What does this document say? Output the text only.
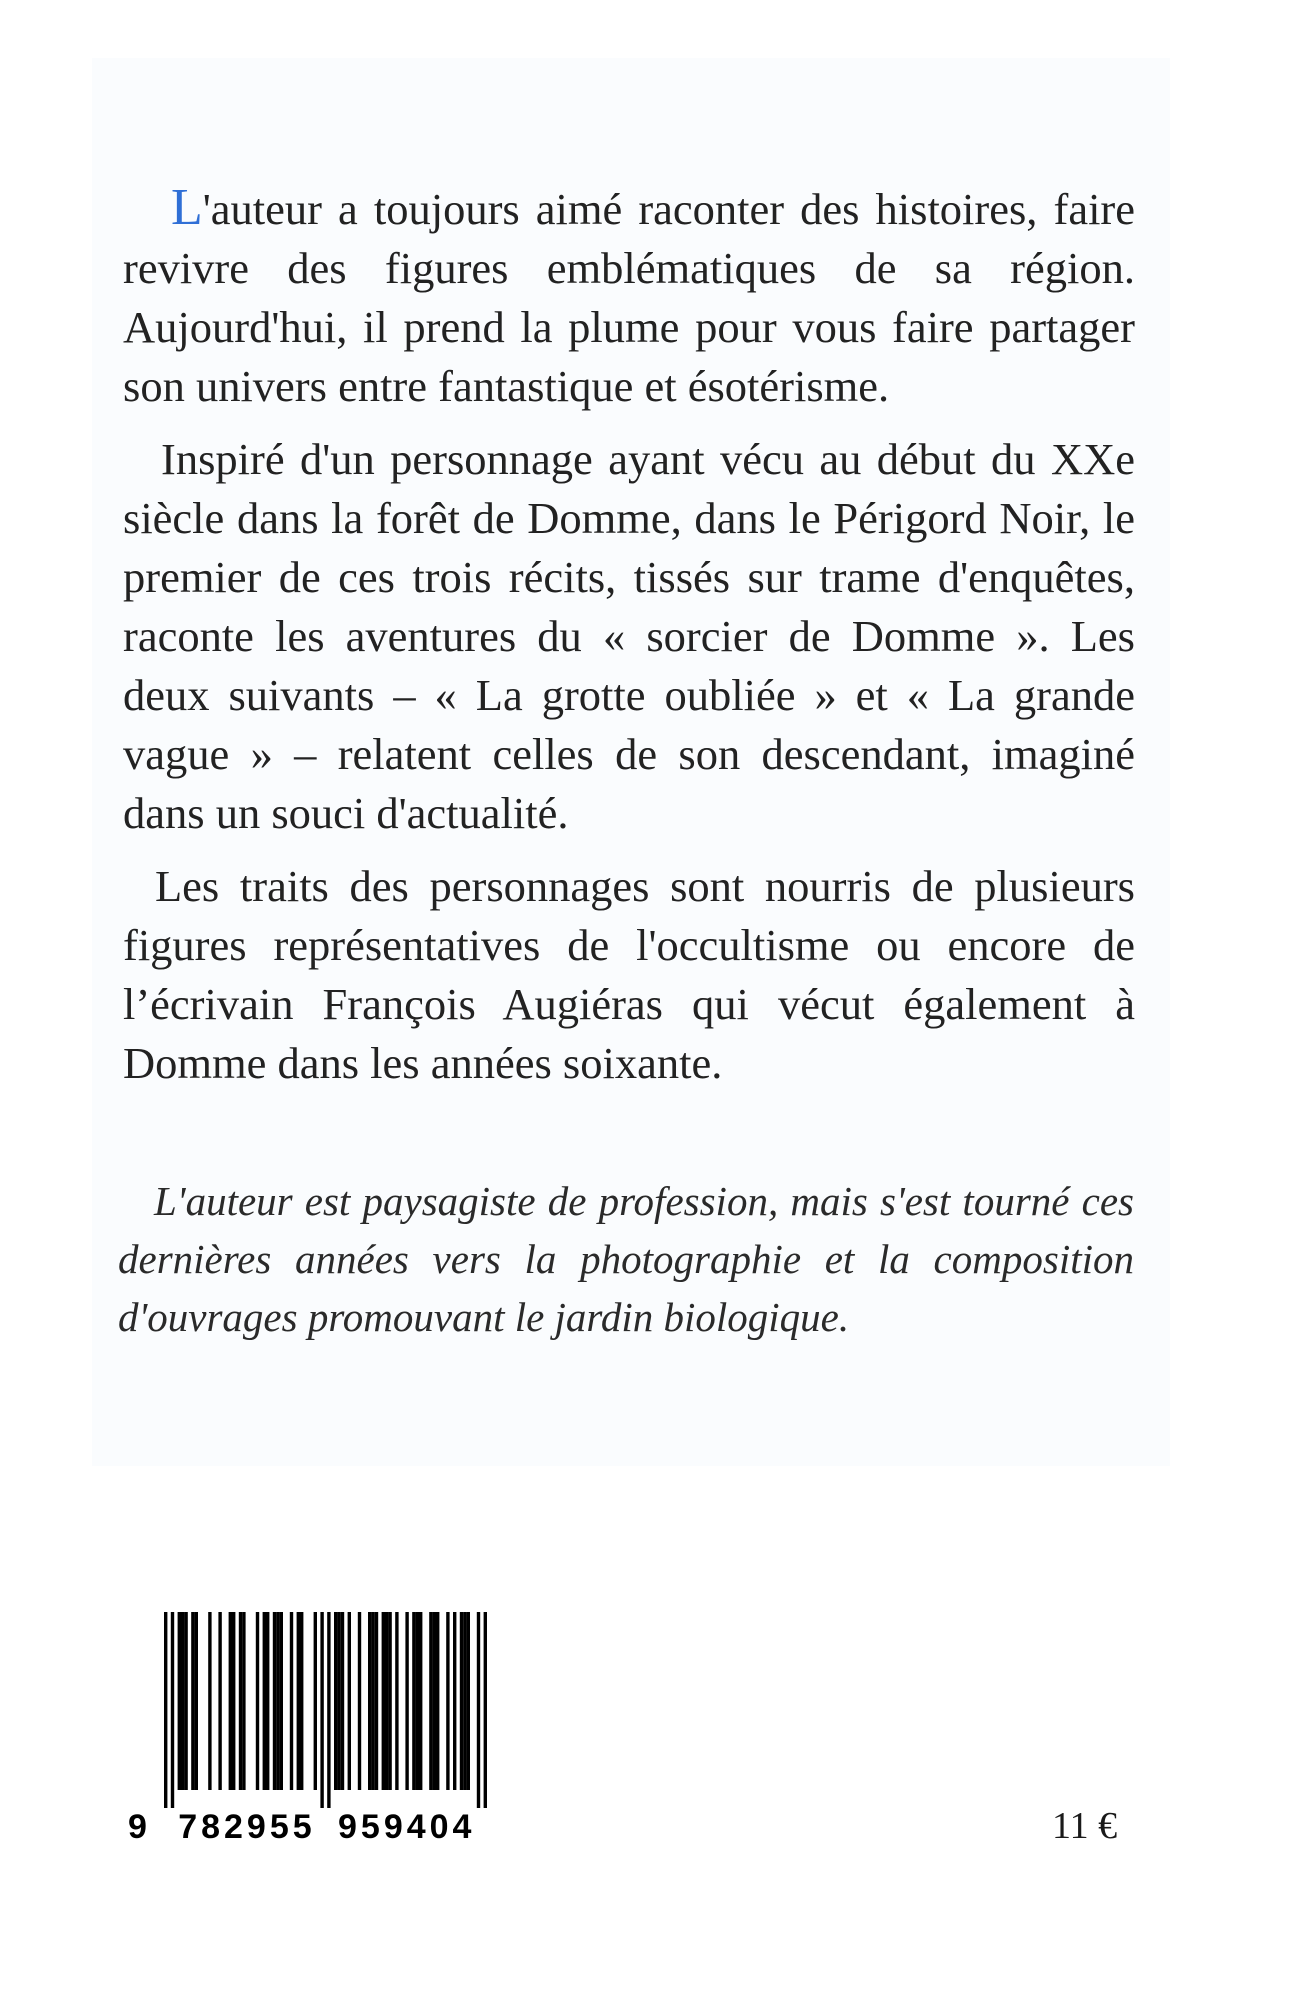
L'auteur a toujours aimé raconter des histoires, faire revivre des figures emblématiques de sa région. Aujourd'hui, il prend la plume pour vous faire partager son univers entre fantastique et ésotérisme.

Inspiré d'un personnage ayant vécu au début du XXe siècle dans la forêt de Domme, dans le Périgord Noir, le premier de ces trois récits, tissés sur trame d'enquêtes, raconte les aventures du « sorcier de Domme ». Les deux suivants – « La grotte oubliée » et « La grande vague » – relatent celles de son descendant, imaginé dans un souci d'actualité.

Les traits des personnages sont nourris de plusieurs figures représentatives de l'occultisme ou encore de l’écrivain François Augiéras qui vécut également à Domme dans les années soixante.

L'auteur est paysagiste de profession, mais s'est tourné ces dernières années vers la photographie et la composition d'ouvrages promouvant le jardin biologique.

9 782955 959404	11 €
